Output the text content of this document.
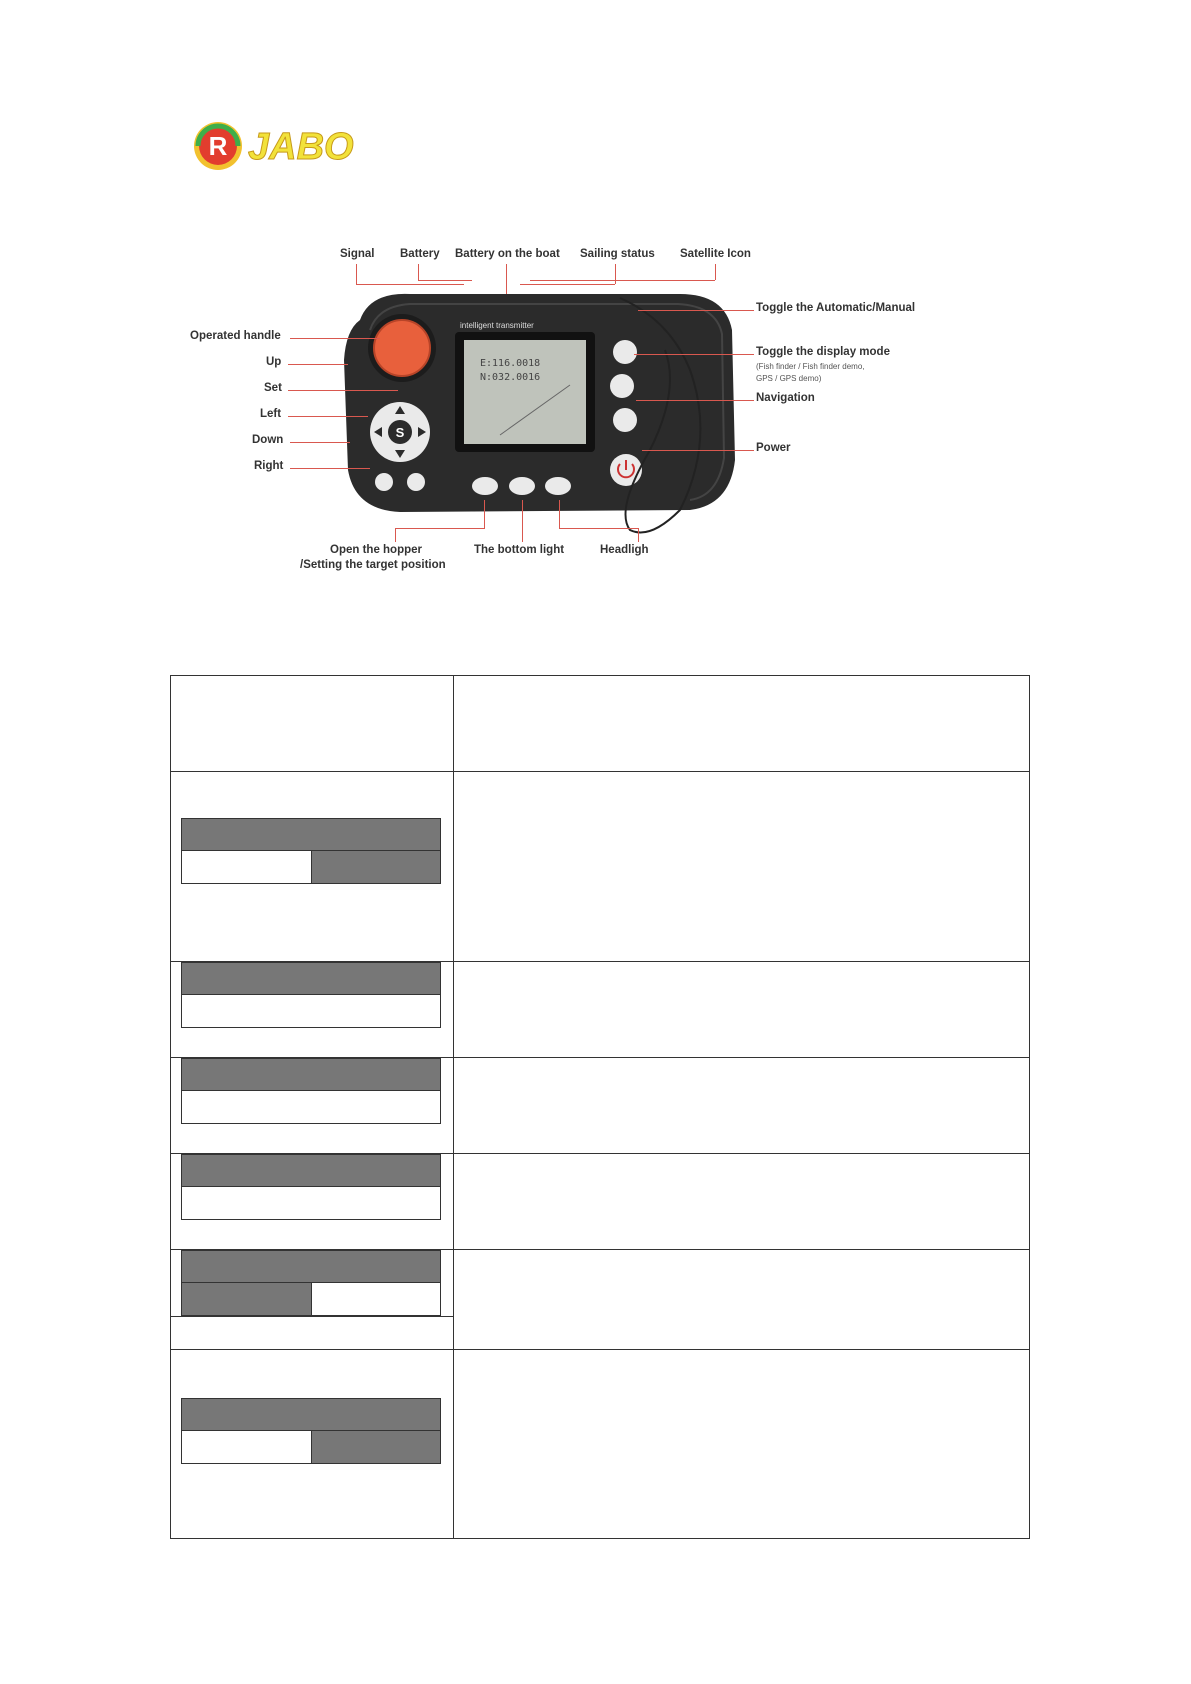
R JABO
Signal Battery Battery on the boat Sailing status Satellite Icon
intelligent transmitter
E:116.0018
N:032.0016
S
Operated handle
Up
Set
Left
Down
Right
Toggle the Automatic/Manual
Toggle the display mode
(Fish finder / Fish finder demo,
GPS / GPS demo)
Navigation
Power
Open the hopper
/Setting the target position
The bottom light	Headligh
